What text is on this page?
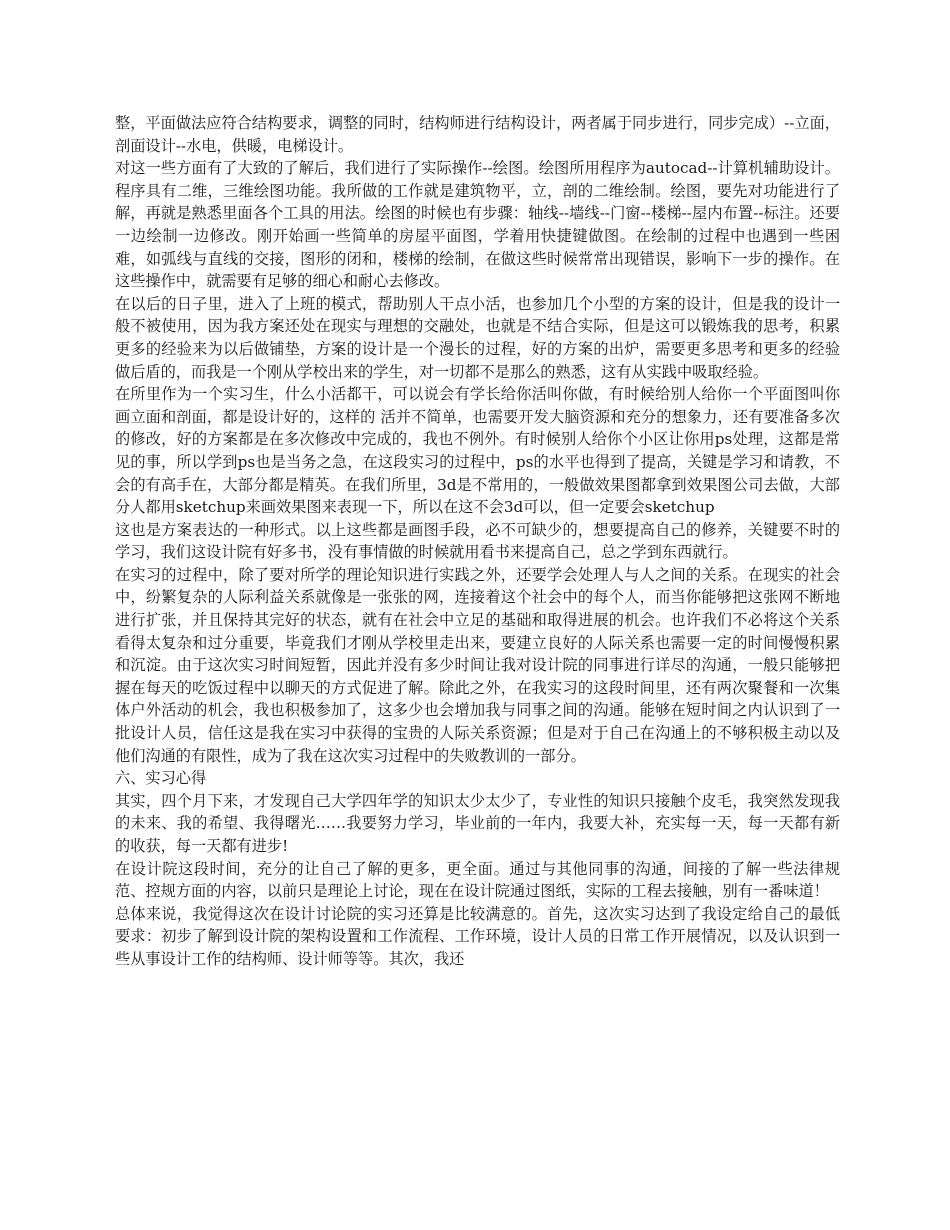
整，平面做法应符合结构要求，调整的同时，结构师进行结构设计，两者属于同步进行，同步完成）--立面，剖面设计--水电，供暖，电梯设计。

对这一些方面有了大致的了解后，我们进行了实际操作--绘图。绘图所用程序为autocad--计算机辅助设计。程序具有二维，三维绘图功能。我所做的工作就是建筑物平，立，剖的二维绘制。绘图，要先对功能进行了解，再就是熟悉里面各个工具的用法。绘图的时候也有步骤：轴线--墙线--门窗--楼梯--屋内布置--标注。还要一边绘制一边修改。刚开始画一些简单的房屋平面图，学着用快捷键做图。在绘制的过程中也遇到一些困难，如弧线与直线的交接，图形的闭和，楼梯的绘制，在做这些时候常常出现错误，影响下一步的操作。在这些操作中，就需要有足够的细心和耐心去修改。

在以后的日子里，进入了上班的模式，帮助别人干点小活，也参加几个小型的方案的设计，但是我的设计一般不被使用，因为我方案还处在现实与理想的交融处，也就是不结合实际，但是这可以锻炼我的思考，积累更多的经验来为以后做铺垫，方案的设计是一个漫长的过程，好的方案的出炉，需要更多思考和更多的经验做后盾的，而我是一个刚从学校出来的学生，对一切都不是那么的熟悉，这有从实践中吸取经验。

在所里作为一个实习生，什么小活都干，可以说会有学长给你活叫你做，有时候给别人给你一个平面图叫你画立面和剖面，都是设计好的，这样的 活并不简单，也需要开发大脑资源和充分的想象力，还有要准备多次的修改，好的方案都是在多次修改中完成的，我也不例外。有时候别人给你个小区让你用ps处理，这都是常见的事，所以学到ps也是当务之急，在这段实习的过程中，ps的水平也得到了提高，关键是学习和请教，不会的有高手在，大部分都是精英。在我们所里，3d是不常用的，一般做效果图都拿到效果图公司去做，大部分人都用sketchup来画效果图来表现一下，所以在这不会3d可以，但一定要会sketchup

这也是方案表达的一种形式。以上这些都是画图手段，必不可缺少的，想要提高自己的修养，关键要不时的学习，我们这设计院有好多书，没有事情做的时候就用看书来提高自己，总之学到东西就行。

在实习的过程中，除了要对所学的理论知识进行实践之外，还要学会处理人与人之间的关系。在现实的社会中，纷繁复杂的人际利益关系就像是一张张的网，连接着这个社会中的每个人，而当你能够把这张网不断地进行扩张，并且保持其完好的状态，就有在社会中立足的基础和取得进展的机会。也许我们不必将这个关系看得太复杂和过分重要，毕竟我们才刚从学校里走出来，要建立良好的人际关系也需要一定的时间慢慢积累和沉淀。由于这次实习时间短暂，因此并没有多少时间让我对设计院的同事进行详尽的沟通，一般只能够把握在每天的吃饭过程中以聊天的方式促进了解。除此之外，在我实习的这段时间里，还有两次聚餐和一次集体户外活动的机会，我也积极参加了，这多少也会增加我与同事之间的沟通。能够在短时间之内认识到了一批设计人员，信任这是我在实习中获得的宝贵的人际关系资源；但是对于自己在沟通上的不够积极主动以及他们沟通的有限性，成为了我在这次实习过程中的失败教训的一部分。

六、实习心得

其实，四个月下来，才发现自己大学四年学的知识太少太少了，专业性的知识只接触个皮毛，我突然发现我的未来、我的希望、我得曙光……我要努力学习，毕业前的一年内，我要大补，充实每一天，每一天都有新的收获，每一天都有进步!

在设计院这段时间，充分的让自己了解的更多，更全面。通过与其他同事的沟通，间接的了解一些法律规范、控规方面的内容，以前只是理论上讨论，现在在设计院通过图纸，实际的工程去接触，别有一番味道！

总体来说，我觉得这次在设计讨论院的实习还算是比较满意的。首先，这次实习达到了我设定给自己的最低要求：初步了解到设计院的架构设置和工作流程、工作环境，设计人员的日常工作开展情况，以及认识到一些从事设计工作的结构师、设计师等等。其次，我还
